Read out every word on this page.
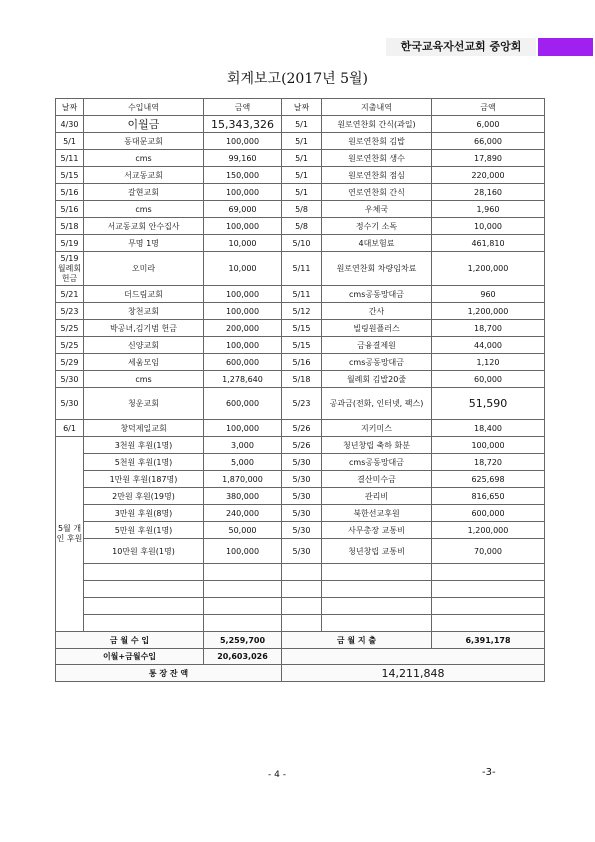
한국교육자선교회 중앙회
회계보고(2017년 5월)
날짜	수입내역	금액	날짜	지출내역	금액
4/30	이월금	15,343,326	5/1	원로연찬회 간식(과일)	6,000
5/1	동대문교회	100,000	5/1	원로연찬회 김밥	66,000
5/11	cms	99,160	5/1	원로연찬회 생수	17,890
5/15	서교동교회	150,000	5/1	원로연찬회 점심	220,000
5/16	갈현교회	100,000	5/1	연로연찬회 간식	28,160
5/16	cms	69,000	5/8	우체국	1,960
5/18	서교동교회 안수집사	100,000	5/8	정수기 소독	10,000
5/19	무명 1명	10,000	5/10	4대보험료	461,810
5/19 월례회 헌금	오미라	10,000	5/11	원로연찬회 차량임차료	1,200,000
5/21	더드림교회	100,000	5/11	cms공동망대금	960
5/23	창천교회	100,000	5/12	간사	1,200,000
5/25	박공녀,김기범 헌금	200,000	5/15	빌링원플러스	18,700
5/25	신양교회	100,000	5/15	금융결제원	44,000
5/29	세움모임	600,000	5/16	cms공동망대금	1,120
5/30	cms	1,278,640	5/18	월례회 김밥20줄	60,000
5/30	청운교회	600,000	5/23	공과금(전화, 인터넷, 팩스)	51,590
6/1	창덕제일교회	100,000	5/26	지키미스	18,400
5월 개인 후원	3천원 후원(1명)	3,000	5/26	청년창립 축하 화분	100,000
	5천원 후원(1명)	5,000	5/30	cms공동망대금	18,720
	1만원 후원(187명)	1,870,000	5/30	결산미수금	625,698
	2만원 후원(19명)	380,000	5/30	관리비	816,650
	3만원 후원(8명)	240,000	5/30	북한선교후원	600,000
	5만원 후원(1명)	50,000	5/30	사무총장 교통비	1,200,000
	10만원 후원(1명)	100,000	5/30	청년창립 교통비	70,000

금 월 수 입		5,259,700	금 월 지 출		6,391,178
이월+금월수입		20,603,026			
통 장 잔 액			14,211,848		
- 4 -	-3-
